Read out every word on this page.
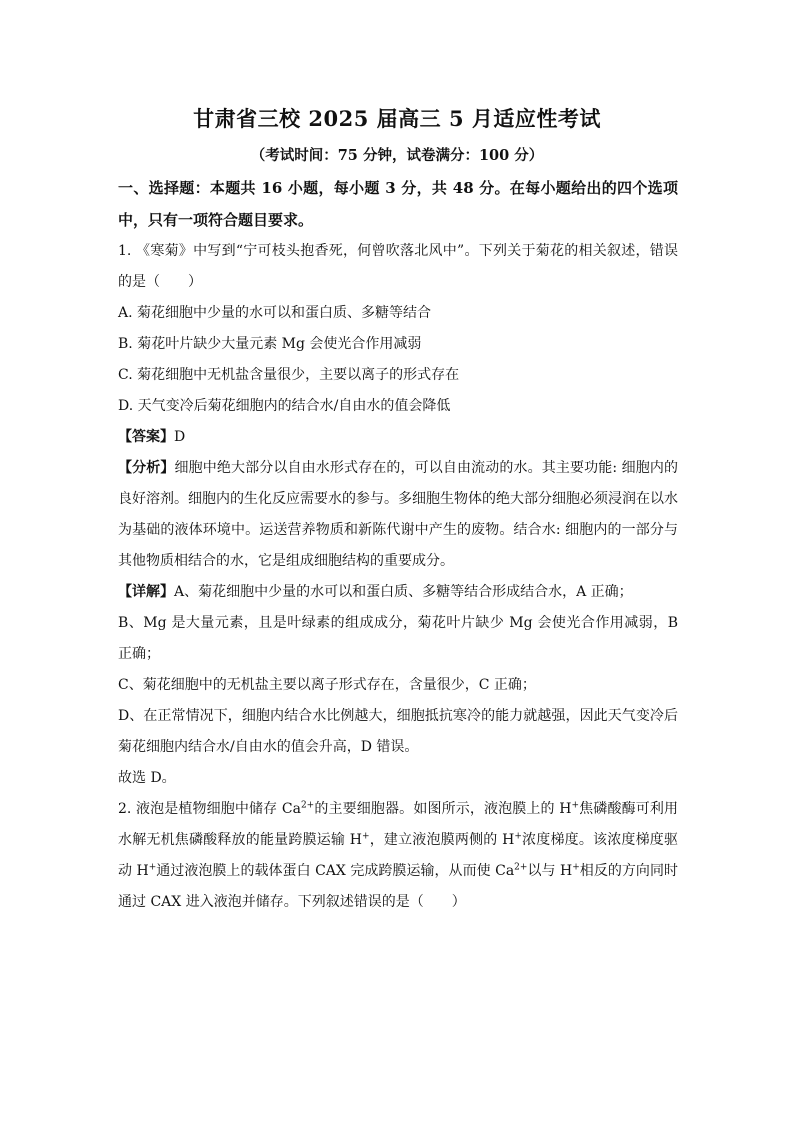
甘肃省三校 2025 届高三 5 月适应性考试
（考试时间：75 分钟，试卷满分：100 分）
一、选择题：本题共 16 小题，每小题 3 分，共 48 分。在每小题给出的四个选项中，只有一项符合题目要求。
1. 《寒菊》中写到“宁可枝头抱香死，何曾吹落北风中”。下列关于菊花的相关叙述，错误的是（　　）
A. 菊花细胞中少量的水可以和蛋白质、多糖等结合
B. 菊花叶片缺少大量元素 Mg 会使光合作用减弱
C. 菊花细胞中无机盐含量很少，主要以离子的形式存在
D. 天气变冷后菊花细胞内的结合水/自由水的值会降低
【答案】D
【分析】细胞中绝大部分以自由水形式存在的，可以自由流动的水。其主要功能: 细胞内的良好溶剂。细胞内的生化反应需要水的参与。多细胞生物体的绝大部分细胞必须浸润在以水为基础的液体环境中。运送营养物质和新陈代谢中产生的废物。结合水: 细胞内的一部分与其他物质相结合的水，它是组成细胞结构的重要成分。
【详解】A、菊花细胞中少量的水可以和蛋白质、多糖等结合形成结合水，A 正确；
B、Mg 是大量元素，且是叶绿素的组成成分，菊花叶片缺少 Mg 会使光合作用减弱，B 正确；
C、菊花细胞中的无机盐主要以离子形式存在，含量很少，C 正确；
D、在正常情况下，细胞内结合水比例越大，细胞抵抗寒冷的能力就越强，因此天气变冷后菊花细胞内结合水/自由水的值会升高，D 错误。
故选 D。
2. 液泡是植物细胞中储存 $Ca^{2+}$的主要细胞器。如图所示，液泡膜上的 H+焦磷酸酶可利用水解无机焦磷酸释放的能量跨膜运输 H+，建立液泡膜两侧的 H+浓度梯度。该浓度梯度驱动 H+通过液泡膜上的载体蛋白 CAX 完成跨膜运输，从而使 $Ca^{2+}$以与 H+相反的方向同时通过 CAX 进入液泡并储存。下列叙述错误的是（　　）
